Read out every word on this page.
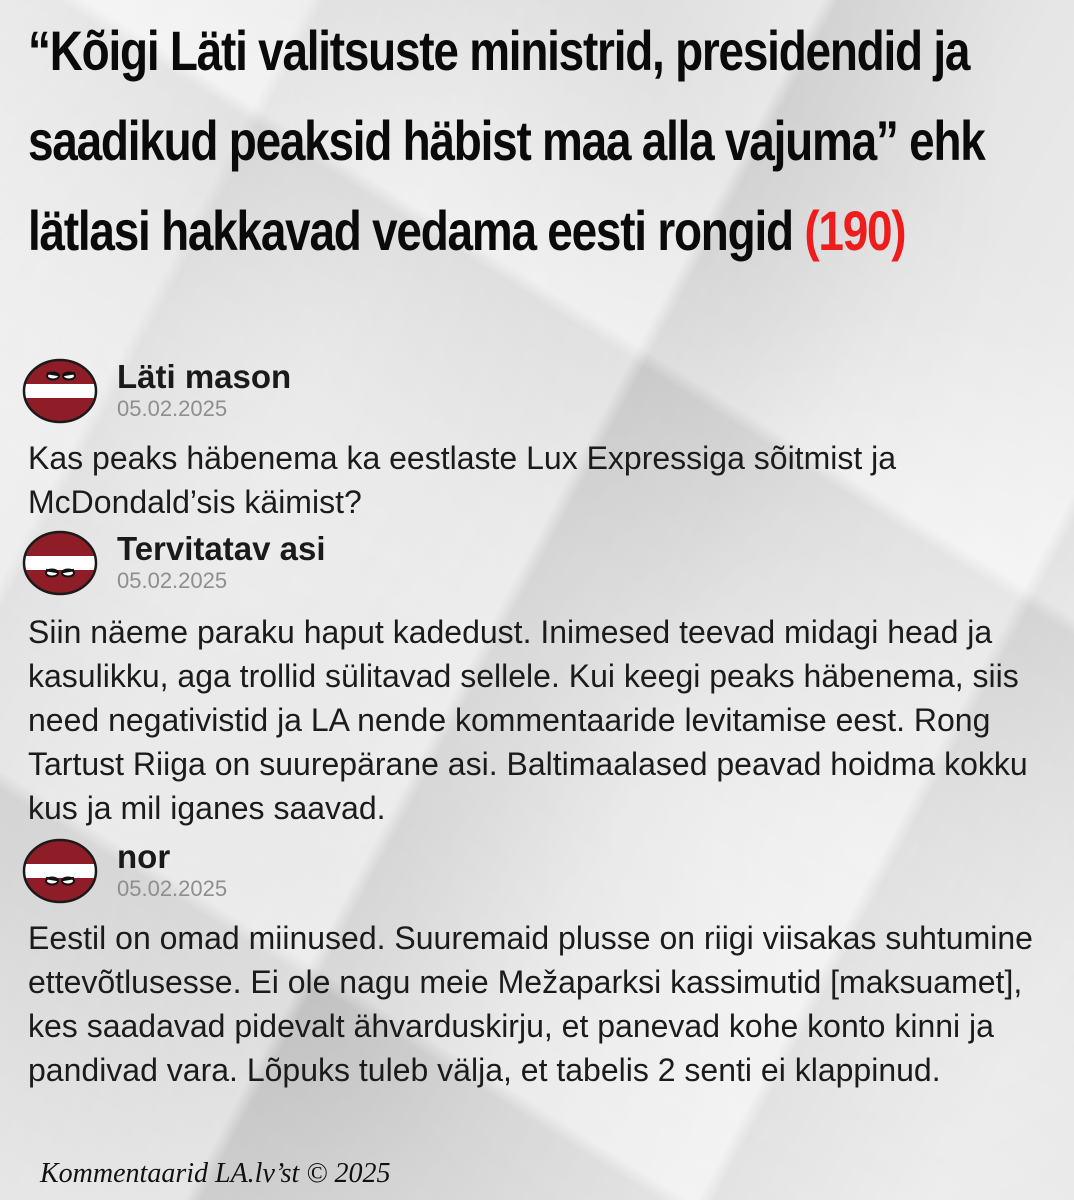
“Kõigi Läti valitsuste ministrid, presidendid ja saadikud peaksid häbist maa alla vajuma” ehk lätlasi hakkavad vedama eesti rongid (190)
Läti mason
05.02.2025

Kas peaks häbenema ka eestlaste Lux Expressiga sõitmist ja McDondald’sis käimist?

Tervitatav asi
05.02.2025

Siin näeme paraku haput kadedust. Inimesed teevad midagi head ja kasulikku, aga trollid sülitavad sellele. Kui keegi peaks häbenema, siis need negativistid ja LA nende kommentaaride levitamise eest. Rong Tartust Riiga on suurepärane asi. Baltimaalased peavad hoidma kokku kus ja mil iganes saavad.

nor
05.02.2025

Eestil on omad miinused. Suuremaid plusse on riigi viisakas suhtumine ettevõtlusesse. Ei ole nagu meie Mežaparksi kassimutid [maksuamet], kes saadavad pidevalt ähvarduskirju, et panevad kohe konto kinni ja pandivad vara. Lõpuks tuleb välja, et tabelis 2 senti ei klappinud.

Kommentaarid LA.lv’st © 2025
